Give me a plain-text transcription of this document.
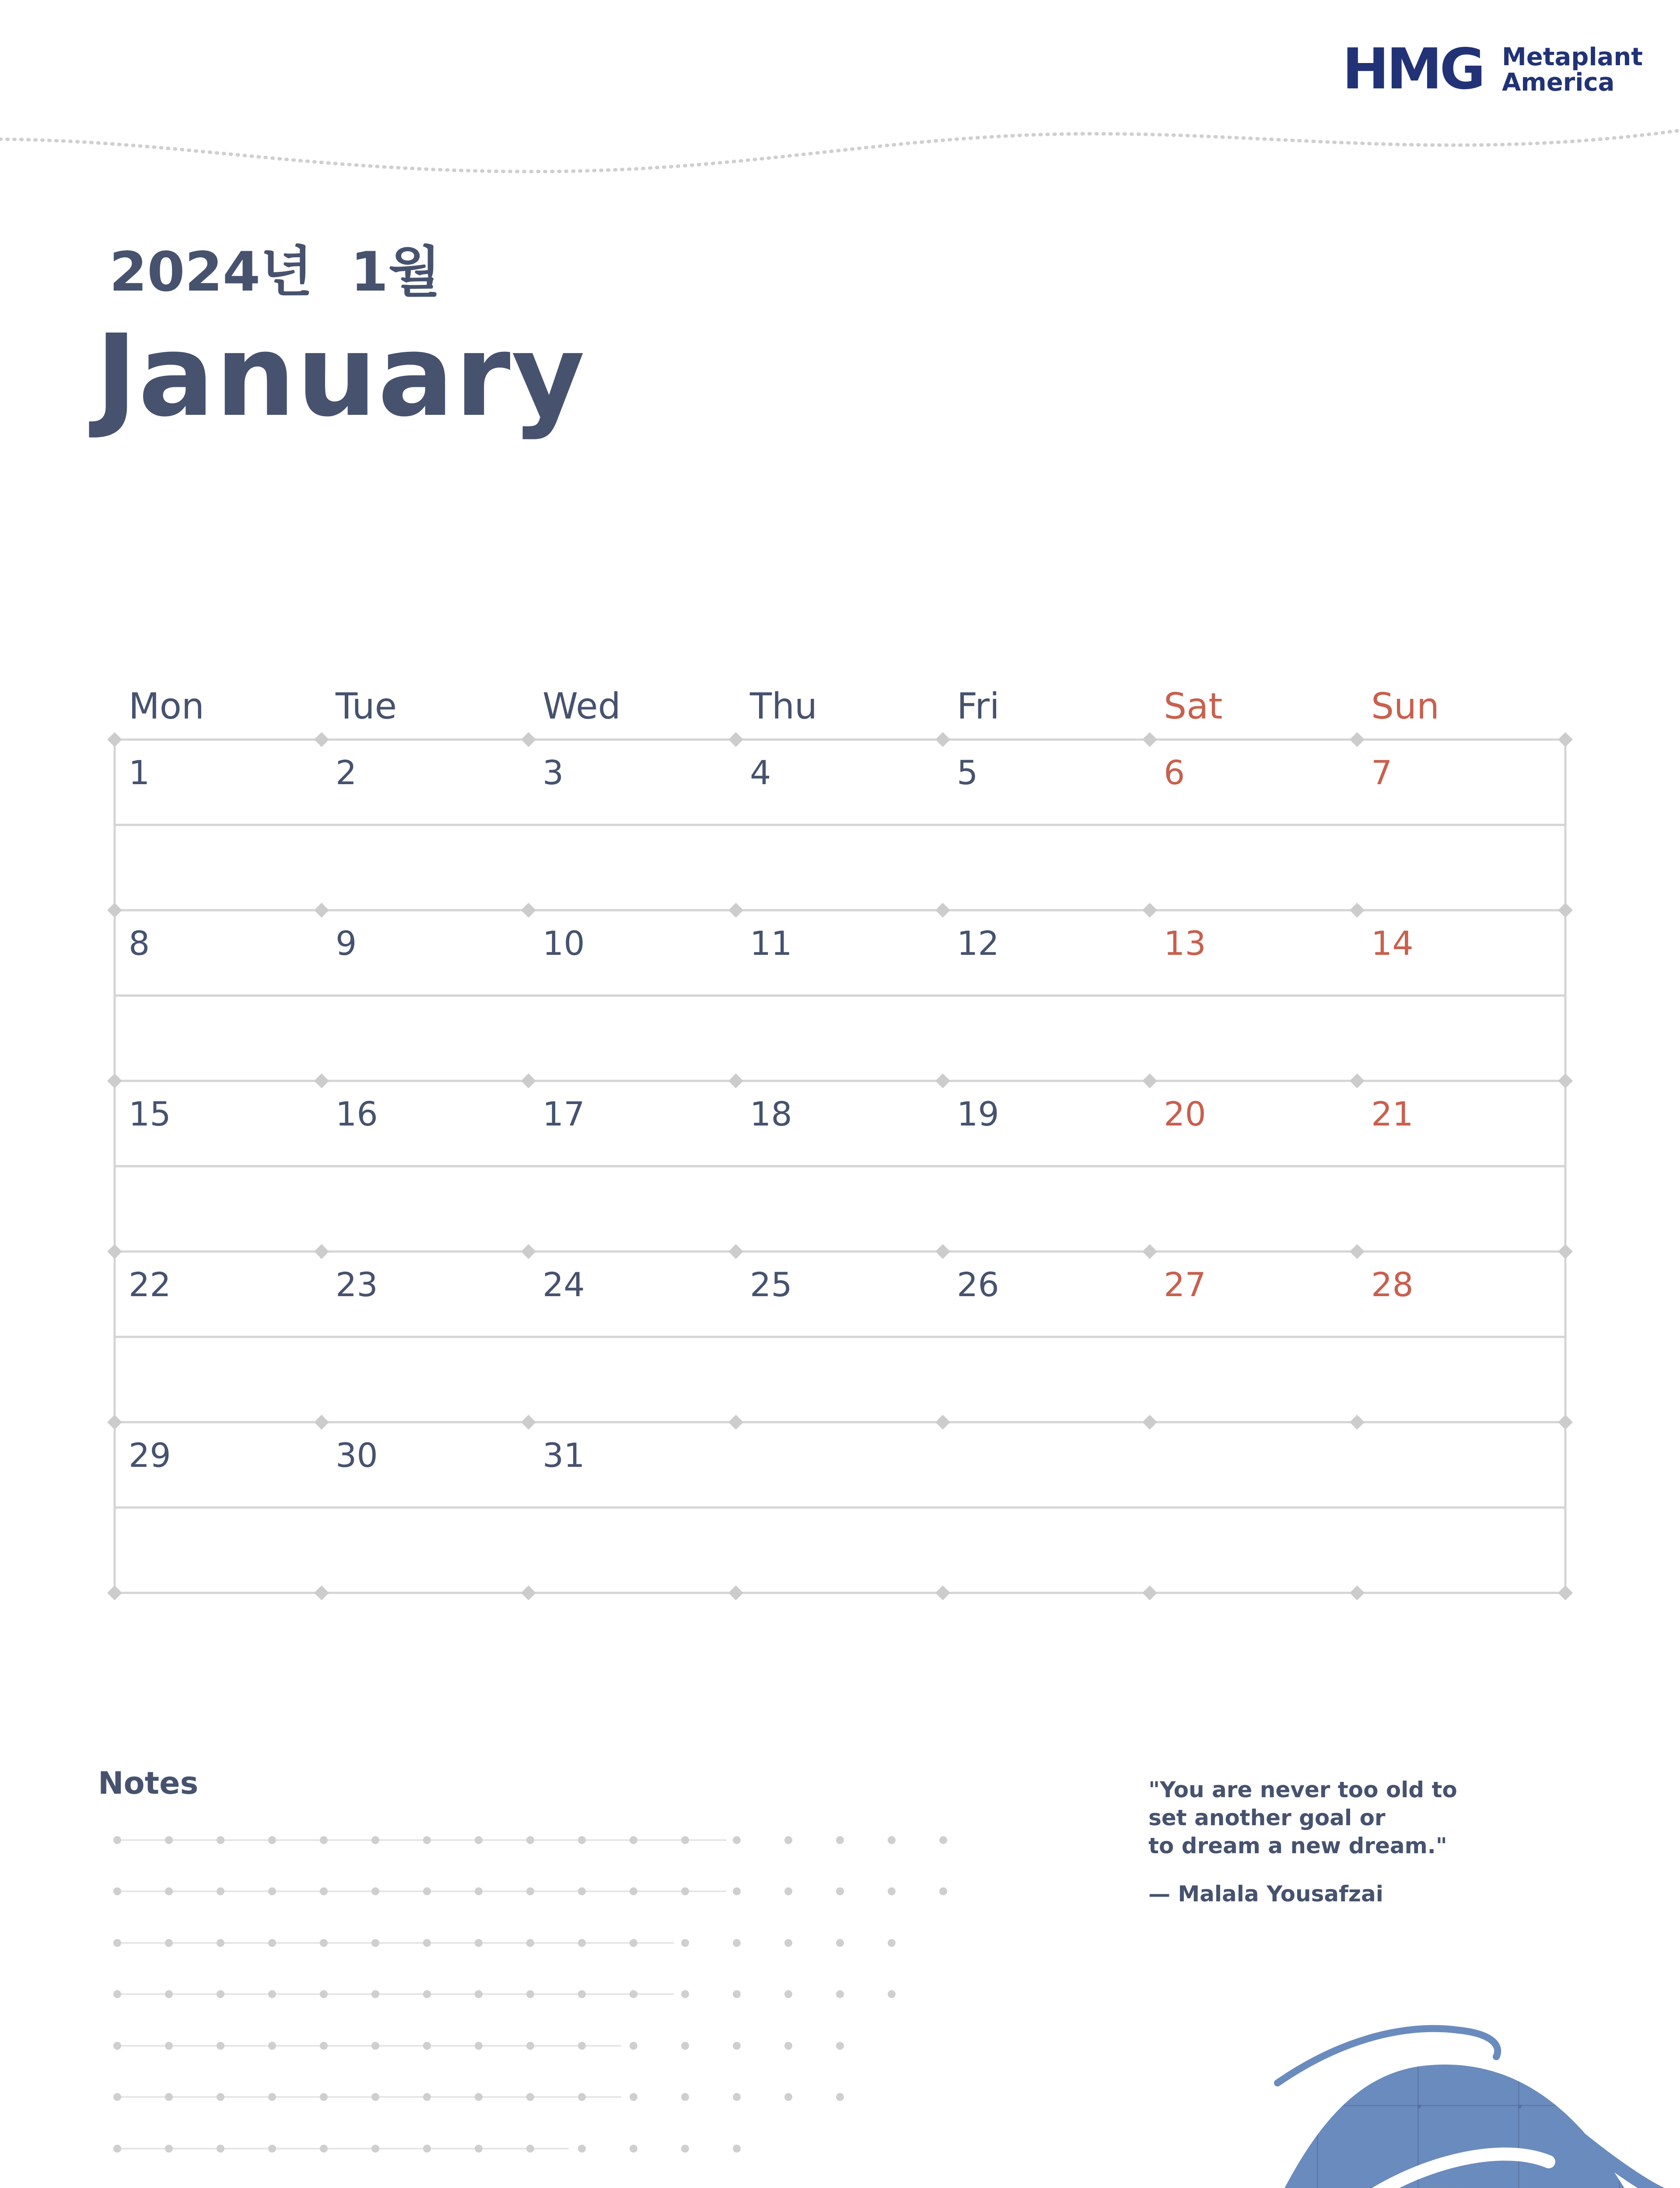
HMG Metaplant
America
2024년  1월
January
Mon	Tue	Wed	Thu	Fri	Sat	Sun
1	2	3	4	5	6	7
8	9	10	11	12	13	14
15	16	17	18	19	20	21
22	23	24	25	26	27	28
29	30	31
Notes	"You are never too old to
set another goal or
to dream a new dream."
— Malala Yousafzai
